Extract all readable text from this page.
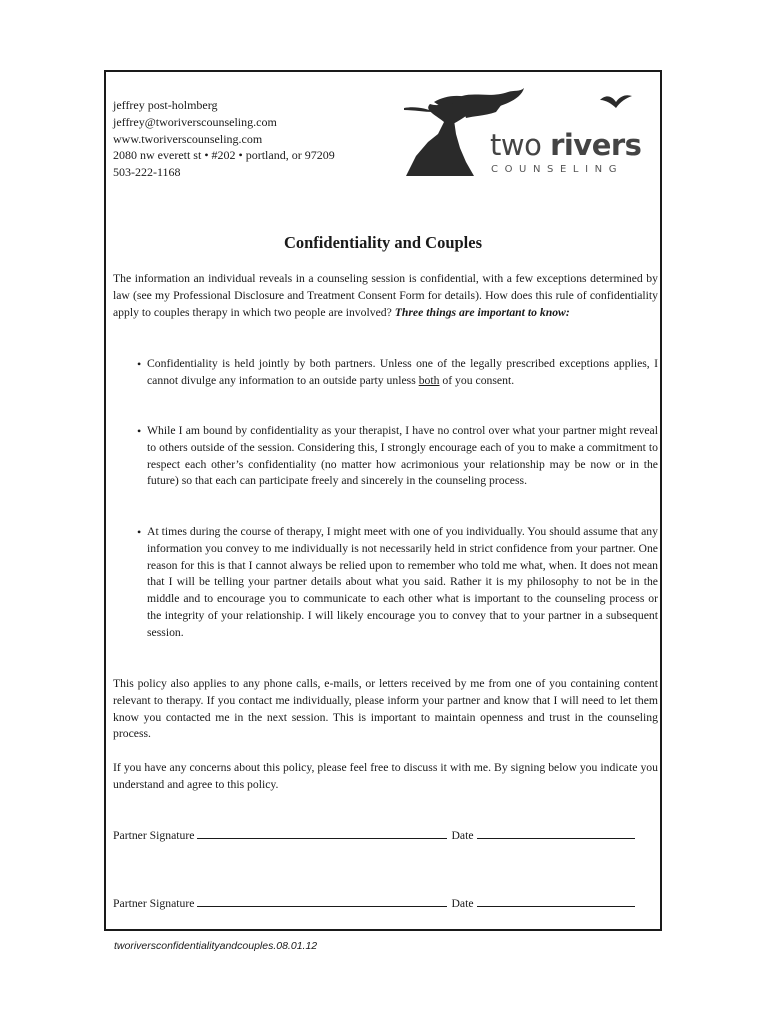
jeffrey post-holmberg
jeffrey@tworiverscounseling.com
www.tworiverscounseling.com
2080 nw everett st • #202 • portland, or 97209
503-222-1168
two rivers
COUNSELING
Confidentiality and Couples
The information an individual reveals in a counseling session is confidential, with a few exceptions determined by law (see my Professional Disclosure and Treatment Consent Form for details). How does this rule of confidentiality apply to couples therapy in which two people are involved? Three things are important to know:
• Confidentiality is held jointly by both partners. Unless one of the legally prescribed exceptions applies, I cannot divulge any information to an outside party unless both of you consent.
• While I am bound by confidentiality as your therapist, I have no control over what your partner might reveal to others outside of the session. Considering this, I strongly encourage each of you to make a commitment to respect each other’s confidentiality (no matter how acrimonious your relationship may be now or in the future) so that each can participate freely and sincerely in the counseling process.
• At times during the course of therapy, I might meet with one of you individually. You should assume that any information you convey to me individually is not necessarily held in strict confidence from your partner. One reason for this is that I cannot always be relied upon to remember who told me what, when. It does not mean that I will be telling your partner details about what you said. Rather it is my philosophy to not be in the middle and to encourage you to communicate to each other what is important to the counseling process or the integrity of your relationship. I will likely encourage you to convey that to your partner in a subsequent session.
This policy also applies to any phone calls, e-mails, or letters received by me from one of you containing content relevant to therapy. If you contact me individually, please inform your partner and know that I will need to let them know you contacted me in the next session. This is important to maintain openness and trust in the counseling process.
If you have any concerns about this policy, please feel free to discuss it with me. By signing below you indicate you understand and agree to this policy.
Partner Signature	Date
Partner Signature	Date
tworiversconfidentialityandcouples.08.01.12
